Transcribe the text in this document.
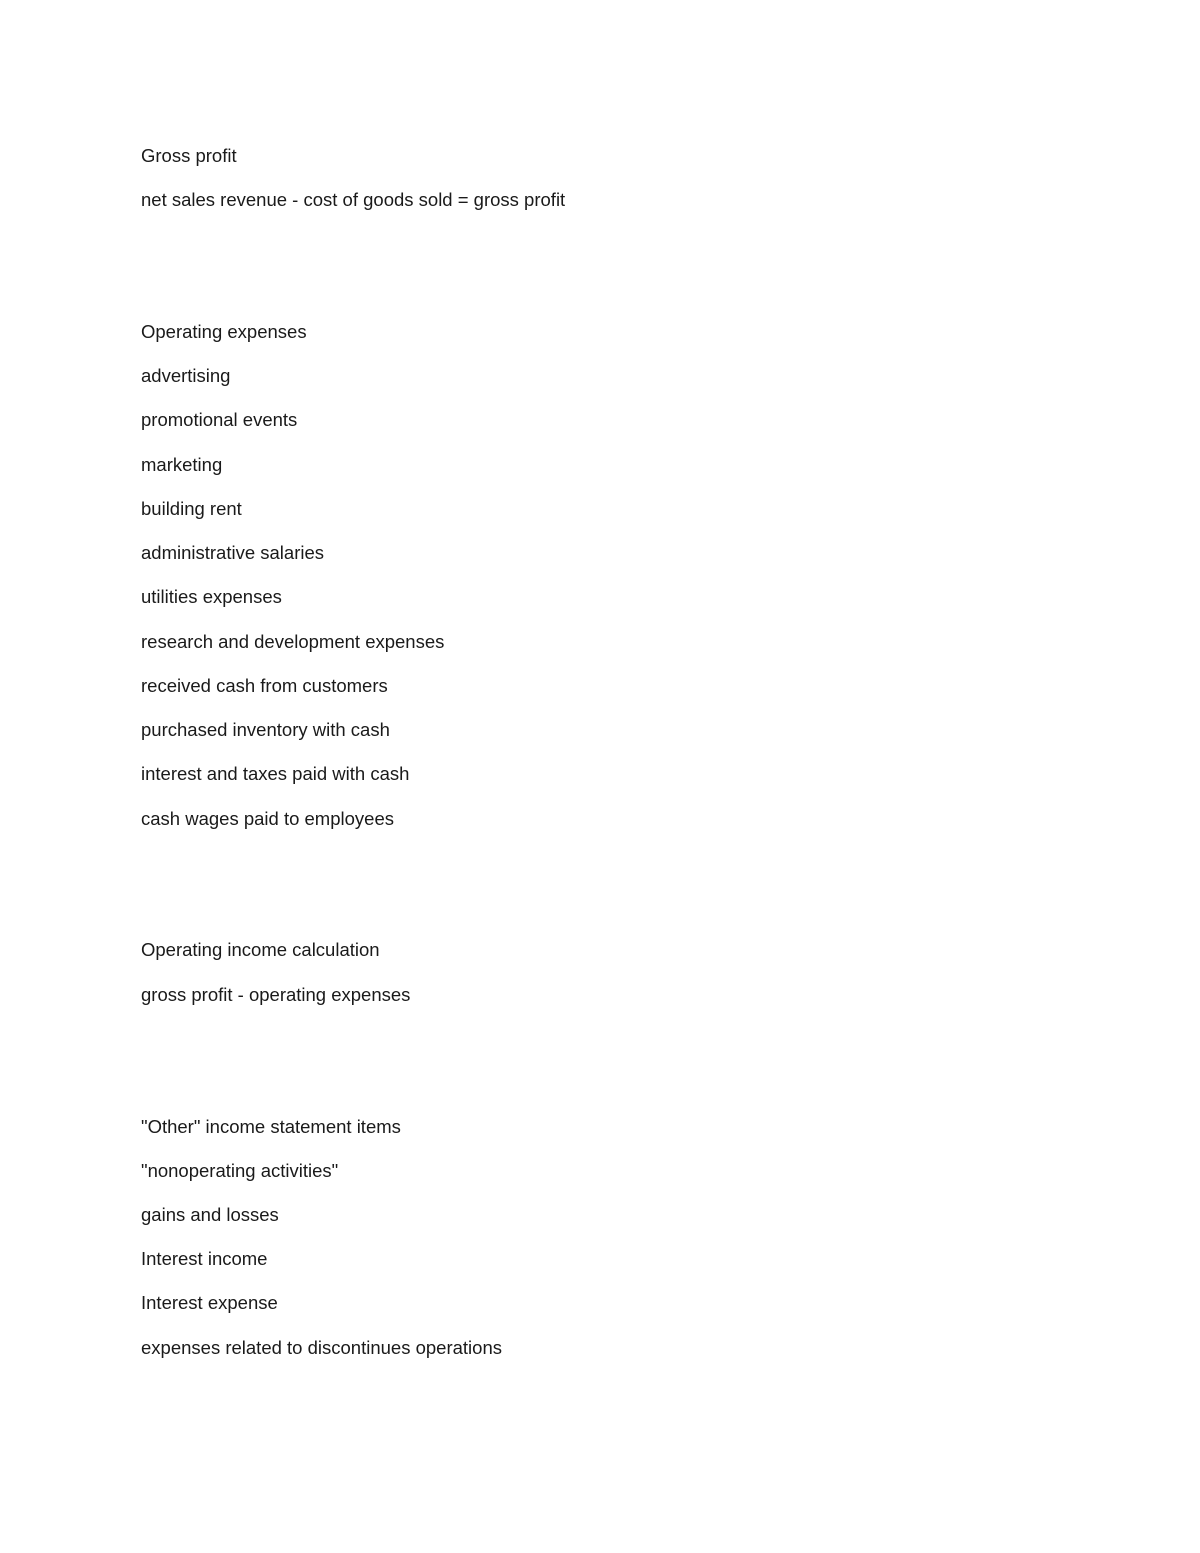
Gross profit
net sales revenue - cost of goods sold = gross profit
Operating expenses
advertising
promotional events
marketing
building rent
administrative salaries
utilities expenses
research and development expenses
received cash from customers
purchased inventory with cash
interest and taxes paid with cash
cash wages paid to employees
Operating income calculation
gross profit - operating expenses
"Other" income statement items
"nonoperating activities"
gains and losses
Interest income
Interest expense
expenses related to discontinues operations
